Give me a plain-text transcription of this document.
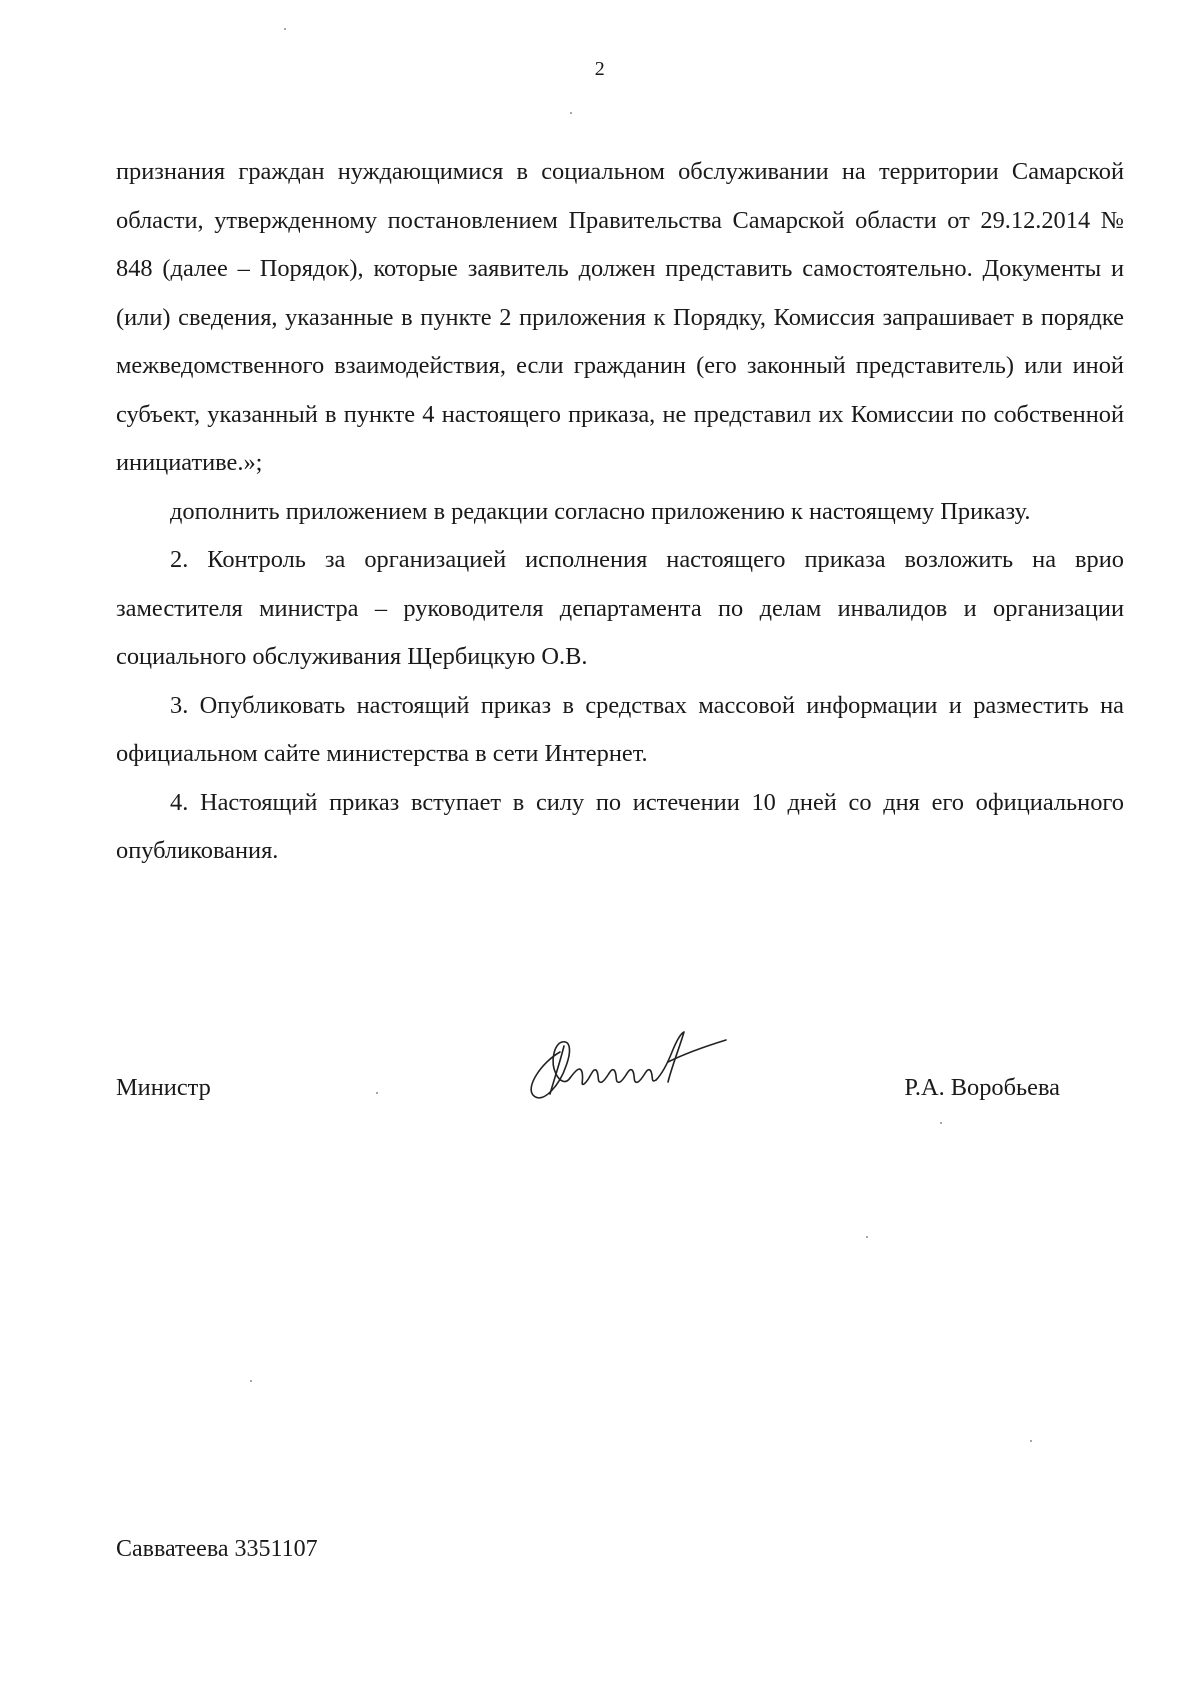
2

признания граждан нуждающимися в социальном обслуживании на территории Самарской области, утвержденному постановлением Правительства Самарской области от 29.12.2014 № 848 (далее – Порядок), которые заявитель должен представить самостоятельно. Документы и (или) сведения, указанные в пункте 2 приложения к Порядку, Комиссия запрашивает в порядке межведомственного взаимодействия, если гражданин (его законный представитель) или иной субъект, указанный в пункте 4 настоящего приказа, не представил их Комиссии по собственной инициативе.»;

дополнить приложением в редакции согласно приложению к настоящему Приказу.

2. Контроль за организацией исполнения настоящего приказа возложить на врио заместителя министра – руководителя департамента по делам инвалидов и организации социального обслуживания Щербицкую О.В.

3. Опубликовать настоящий приказ в средствах массовой информации и разместить на официальном сайте министерства в сети Интернет.

4. Настоящий приказ вступает в силу по истечении 10 дней со дня его официального опубликования.

Министр	Р.А. Воробьева
Савватеева 3351107
